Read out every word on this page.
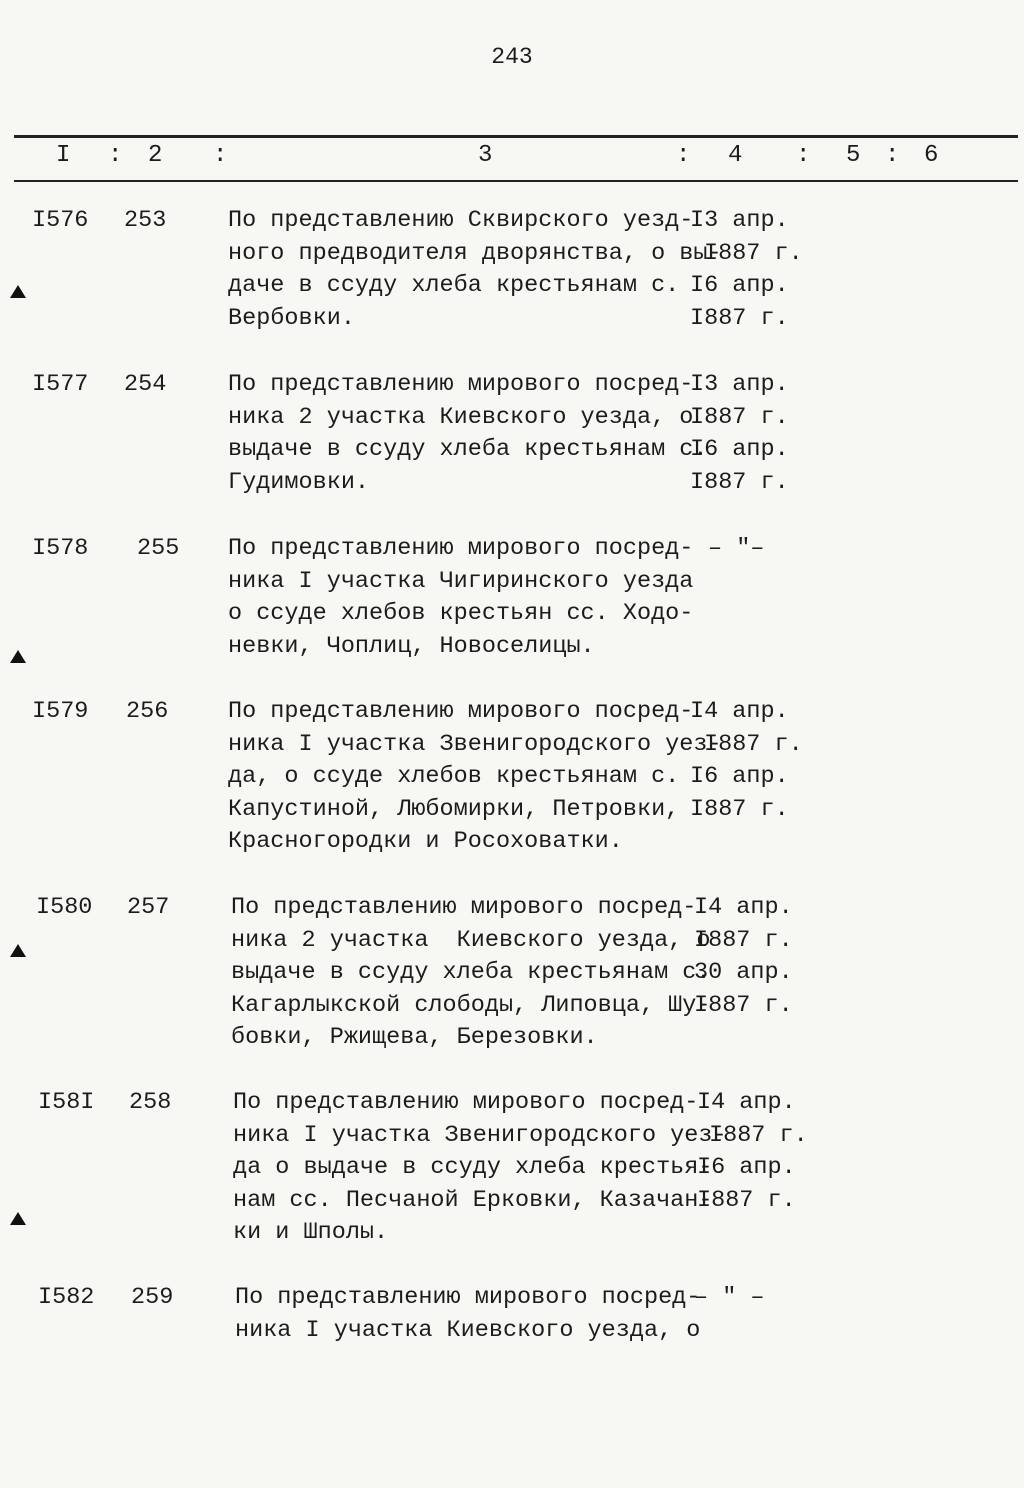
243
I : 2 :	3	: 4 : 5 : 6
I576 253	По представлению Сквирского уезд-
ного предводителя дворянства, о вы-
даче в ссуду хлеба крестьянам с.
Вербовки.
I3 апр.
I887 г.
I6 апр.
I887 г.
I577 254	По представлению мирового посред-
ника 2 участка Киевского уезда, о
выдаче в ссуду хлеба крестьянам с.
Гудимовки.
I3 апр.
I887 г.
I6 апр.
I887 г.
I578 255 По представлению мирового посред-
ника I участка Чигиринского уезда
о ссуде хлебов крестьян сс. Ходо-
невки, Чоплиц, Новоселицы.
– "–
I579 256	По представлению мирового посред-
ника I участка Звенигородского уез-
да, о ссуде хлебов крестьянам с.
Капустиной, Любомирки, Петровки,
Красногородки и Росоховатки.
I4 апр.
I887 г.
I6 апр.
I887 г.
I580 257	По представлению мирового посред-
ника 2 участка  Киевского уезда, о
выдаче в ссуду хлеба крестьянам с.
Кагарлыкской слободы, Липовца, Шу-
бовки, Ржищева, Березовки.
I4 апр.
I887 г.
30 апр.
I887 г.
I58I 258	По представлению мирового посред-
ника I участка Звенигородского уез-
да о выдаче в ссуду хлеба крестья-
нам сс. Песчаной Ерковки, Казачан-
ки и Шполы.
I4 апр.
I887 г.
I6 апр.
I887 г.
I582 259	По представлению мирового посред-
ника I участка Киевского уезда, о
– " –
